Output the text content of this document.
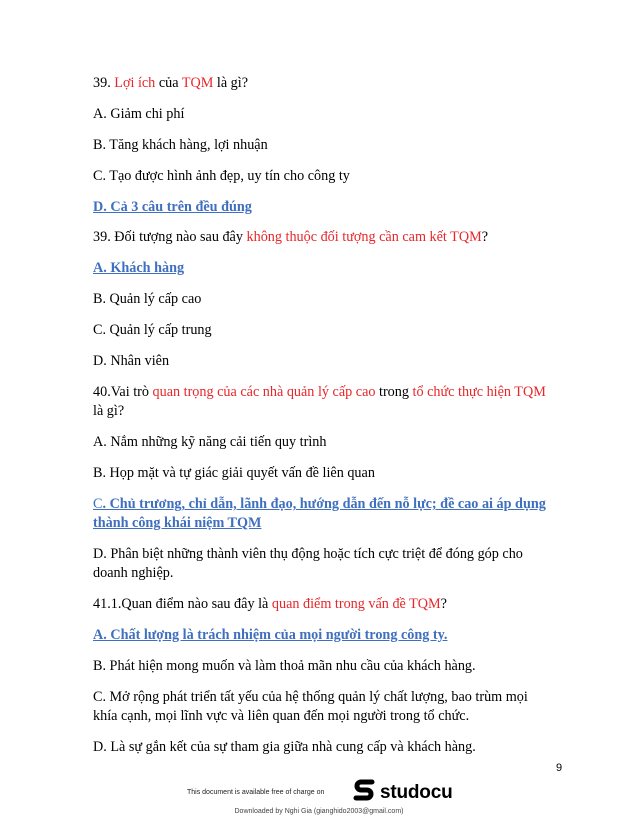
39. Lợi ích của TQM là gì?
A. Giảm chi phí
B. Tăng khách hàng, lợi nhuận
C. Tạo được hình ảnh đẹp, uy tín cho công ty
D. Cả 3 câu trên đều đúng
39. Đối tượng nào sau đây không thuộc đối tượng cần cam kết TQM?
A. Khách hàng
B. Quản lý cấp cao
C. Quản lý cấp trung
D. Nhân viên
40.Vai trò quan trọng của các nhà quản lý cấp cao trong tổ chức thực hiện TQM
là gì?
A. Nắm những kỹ năng cải tiến quy trình
B. Họp mặt và tự giác giải quyết vấn đề liên quan
C. Chủ trương, chỉ dẫn, lãnh đạo, hướng dẫn đến nỗ lực; đề cao ai áp dụng
thành công khái niệm TQM
D. Phân biệt những thành viên thụ động hoặc tích cực triệt để đóng góp cho
doanh nghiệp.
41.1.Quan điểm nào sau đây là quan điểm trong vấn đề TQM?
A. Chất lượng là trách nhiệm của mọi người trong công ty.
B. Phát hiện mong muốn và làm thoả mãn nhu cầu của khách hàng.
C. Mở rộng phát triển tất yếu của hệ thống quản lý chất lượng, bao trùm mọi
khía cạnh, mọi lĩnh vực và liên quan đến mọi người trong tổ chức.
D. Là sự gắn kết của sự tham gia giữa nhà cung cấp và khách hàng.
9
This document is available free of charge on	studocu
Downloaded by Nghi Gia (gianghido2003@gmail.com)
